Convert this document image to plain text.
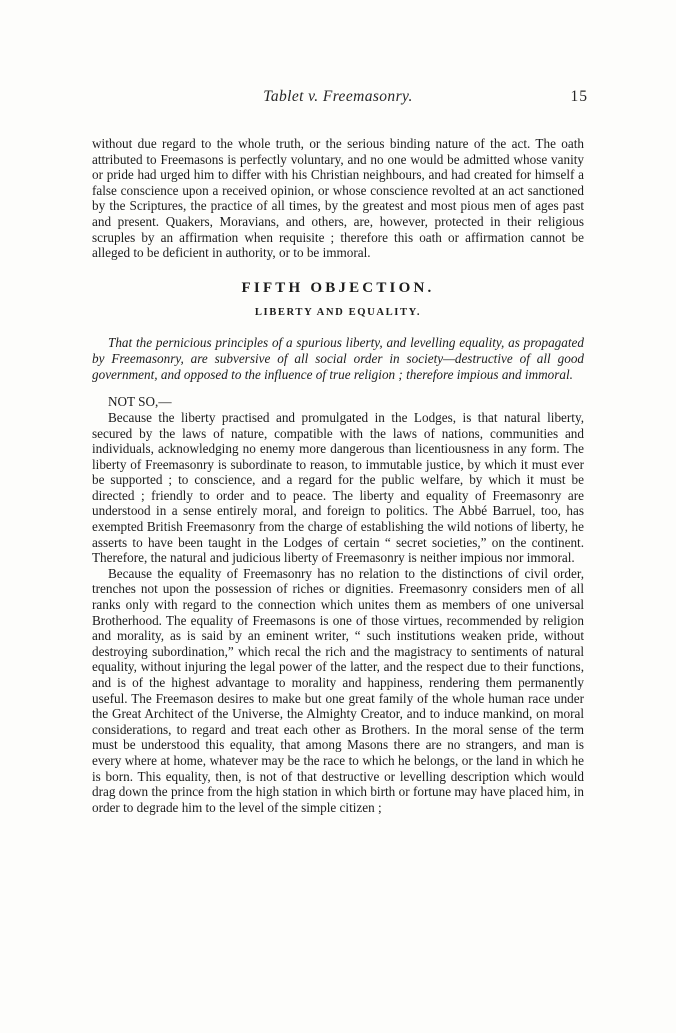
Tablet v. Freemasonry.	15

without due regard to the whole truth, or the serious binding nature of the act. The oath attributed to Freemasons is perfectly voluntary, and no one would be admitted whose vanity or pride had urged him to differ with his Christian neighbours, and had created for himself a false conscience upon a received opinion, or whose conscience revolted at an act sanctioned by the Scriptures, the practice of all times, by the greatest and most pious men of ages past and present. Quakers, Moravians, and others, are, however, protected in their religious scruples by an affirmation when requisite ; therefore this oath or affirmation cannot be alleged to be deficient in authority, or to be immoral.

FIFTH OBJECTION.
LIBERTY AND EQUALITY.

That the pernicious principles of a spurious liberty, and levelling equality, as propagated by Freemasonry, are subversive of all social order in society—destructive of all good government, and opposed to the influence of true religion ; therefore impious and immoral.

NOT SO,—

Because the liberty practised and promulgated in the Lodges, is that natural liberty, secured by the laws of nature, compatible with the laws of nations, communities and individuals, acknowledging no enemy more dangerous than licentiousness in any form. The liberty of Freemasonry is subordinate to reason, to immutable justice, by which it must ever be supported ; to conscience, and a regard for the public welfare, by which it must be directed ; friendly to order and to peace. The liberty and equality of Freemasonry are understood in a sense entirely moral, and foreign to politics. The Abbé Barruel, too, has exempted British Freemasonry from the charge of establishing the wild notions of liberty, he asserts to have been taught in the Lodges of certain “ secret societies,” on the continent. Therefore, the natural and judicious liberty of Freemasonry is neither impious nor immoral.

Because the equality of Freemasonry has no relation to the distinctions of civil order, trenches not upon the possession of riches or dignities. Freemasonry considers men of all ranks only with regard to the connection which unites them as members of one universal Brotherhood. The equality of Freemasons is one of those virtues, recommended by religion and morality, as is said by an eminent writer, “ such institutions weaken pride, without destroying subordination,” which recal the rich and the magistracy to sentiments of natural equality, without injuring the legal power of the latter, and the respect due to their functions, and is of the highest advantage to morality and happiness, rendering them permanently useful. The Freemason desires to make but one great family of the whole human race under the Great Architect of the Universe, the Almighty Creator, and to induce mankind, on moral considerations, to regard and treat each other as Brothers. In the moral sense of the term must be understood this equality, that among Masons there are no strangers, and man is every where at home, whatever may be the race to which he belongs, or the land in which he is born. This equality, then, is not of that destructive or levelling description which would drag down the prince from the high station in which birth or fortune may have placed him, in order to degrade him to the level of the simple citizen ;
